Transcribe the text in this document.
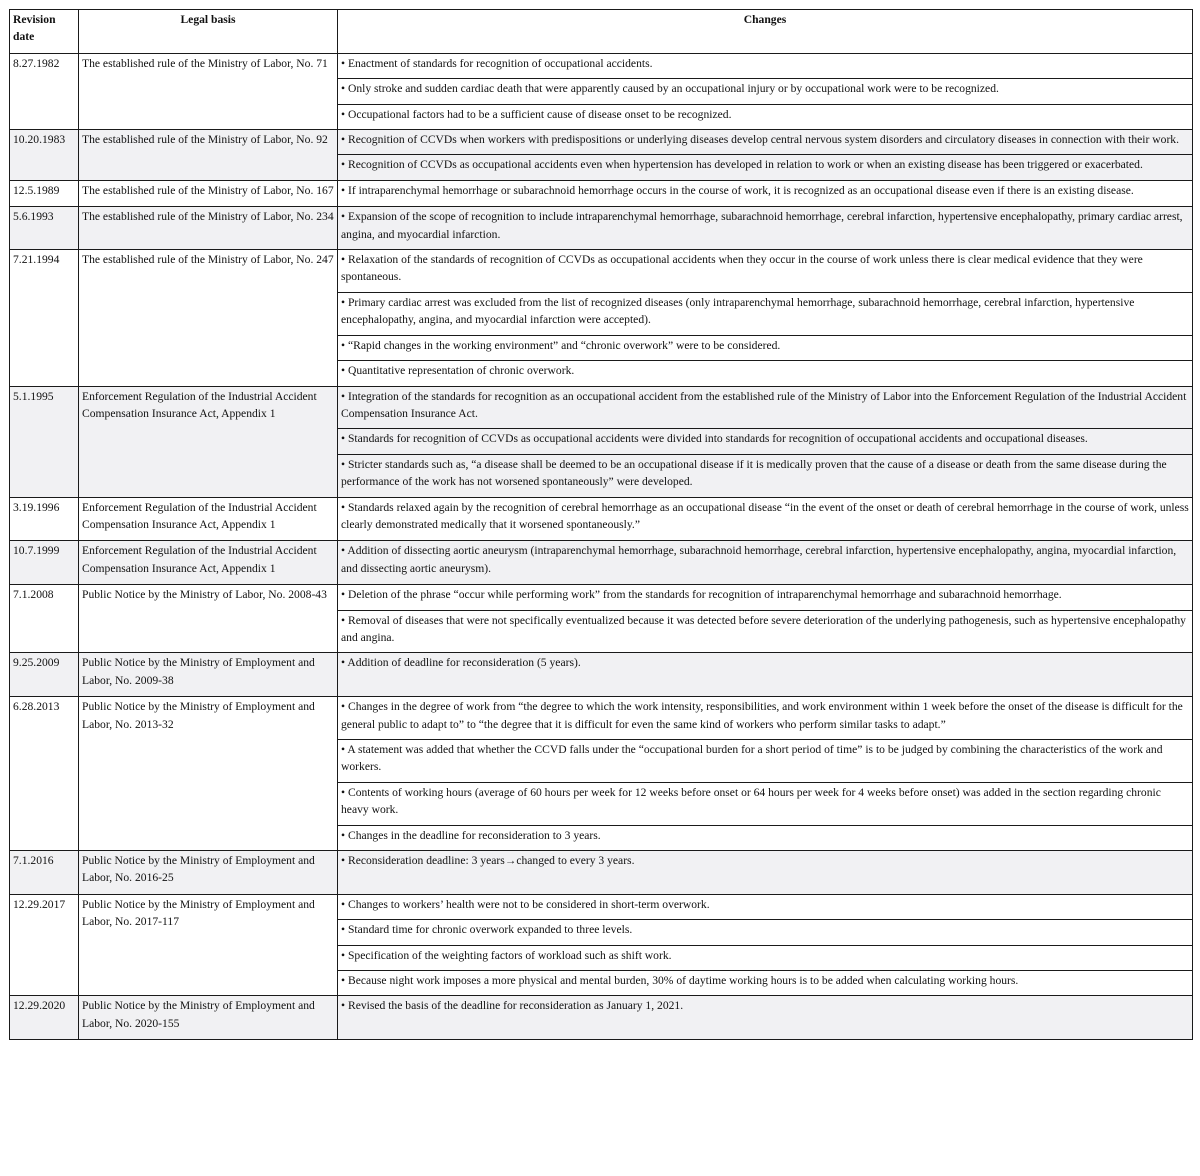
Revision date	Legal basis	Changes
8.27.1982	The established rule of the Ministry of Labor, No. 71	• Enactment of standards for recognition of occupational accidents.
		• Only stroke and sudden cardiac death that were apparently caused by an occupational injury or by occupational work were to be recognized.
		• Occupational factors had to be a sufficient cause of disease onset to be recognized.
10.20.1983	The established rule of the Ministry of Labor, No. 92	• Recognition of CCVDs when workers with predispositions or underlying diseases develop central nervous system disorders and circulatory diseases in connection with their work.
		• Recognition of CCVDs as occupational accidents even when hypertension has developed in relation to work or when an existing disease has been triggered or exacerbated.
12.5.1989	The established rule of the Ministry of Labor, No. 167	• If intraparenchymal hemorrhage or subarachnoid hemorrhage occurs in the course of work, it is recognized as an occupational disease even if there is an existing disease.
5.6.1993	The established rule of the Ministry of Labor, No. 234	• Expansion of the scope of recognition to include intraparenchymal hemorrhage, subarachnoid hemorrhage, cerebral infarction, hypertensive encephalopathy, primary cardiac arrest, angina, and myocardial infarction.
7.21.1994	The established rule of the Ministry of Labor, No. 247	• Relaxation of the standards of recognition of CCVDs as occupational accidents when they occur in the course of work unless there is clear medical evidence that they were spontaneous.
		• Primary cardiac arrest was excluded from the list of recognized diseases (only intraparenchymal hemorrhage, subarachnoid hemorrhage, cerebral infarction, hypertensive encephalopathy, angina, and myocardial infarction were accepted).
		• “Rapid changes in the working environment” and “chronic overwork” were to be considered.
		• Quantitative representation of chronic overwork.
5.1.1995	Enforcement Regulation of the Industrial Accident Compensation Insurance Act, Appendix 1	• Integration of the standards for recognition as an occupational accident from the established rule of the Ministry of Labor into the Enforcement Regulation of the Industrial Accident Compensation Insurance Act.
		• Standards for recognition of CCVDs as occupational accidents were divided into standards for recognition of occupational accidents and occupational diseases.
		• Stricter standards such as, “a disease shall be deemed to be an occupational disease if it is medically proven that the cause of a disease or death from the same disease during the performance of the work has not worsened spontaneously” were developed.
3.19.1996	Enforcement Regulation of the Industrial Accident Compensation Insurance Act, Appendix 1	• Standards relaxed again by the recognition of cerebral hemorrhage as an occupational disease “in the event of the onset or death of cerebral hemorrhage in the course of work, unless clearly demonstrated medically that it worsened spontaneously.”
10.7.1999	Enforcement Regulation of the Industrial Accident Compensation Insurance Act, Appendix 1	• Addition of dissecting aortic aneurysm (intraparenchymal hemorrhage, subarachnoid hemorrhage, cerebral infarction, hypertensive encephalopathy, angina, myocardial infarction, and dissecting aortic aneurysm).
7.1.2008	Public Notice by the Ministry of Labor, No. 2008-43	• Deletion of the phrase “occur while performing work” from the standards for recognition of intraparenchymal hemorrhage and subarachnoid hemorrhage.
		• Removal of diseases that were not specifically eventualized because it was detected before severe deterioration of the underlying pathogenesis, such as hypertensive encephalopathy and angina.
9.25.2009	Public Notice by the Ministry of Employment and Labor, No. 2009-38	• Addition of deadline for reconsideration (5 years).
6.28.2013	Public Notice by the Ministry of Employment and Labor, No. 2013-32	• Changes in the degree of work from “the degree to which the work intensity, responsibilities, and work environment within 1 week before the onset of the disease is difficult for the general public to adapt to” to “the degree that it is difficult for even the same kind of workers who perform similar tasks to adapt.”
		• A statement was added that whether the CCVD falls under the “occupational burden for a short period of time” is to be judged by combining the characteristics of the work and workers.
		• Contents of working hours (average of 60 hours per week for 12 weeks before onset or 64 hours per week for 4 weeks before onset) was added in the section regarding chronic heavy work.
		• Changes in the deadline for reconsideration to 3 years.
7.1.2016	Public Notice by the Ministry of Employment and Labor, No. 2016-25	• Reconsideration deadline: 3 years→changed to every 3 years.
12.29.2017	Public Notice by the Ministry of Employment and Labor, No. 2017-117	• Changes to workers’ health were not to be considered in short-term overwork.
		• Standard time for chronic overwork expanded to three levels.
		• Specification of the weighting factors of workload such as shift work.
		• Because night work imposes a more physical and mental burden, 30% of daytime working hours is to be added when calculating working hours.
12.29.2020	Public Notice by the Ministry of Employment and Labor, No. 2020-155	• Revised the basis of the deadline for reconsideration as January 1, 2021.
